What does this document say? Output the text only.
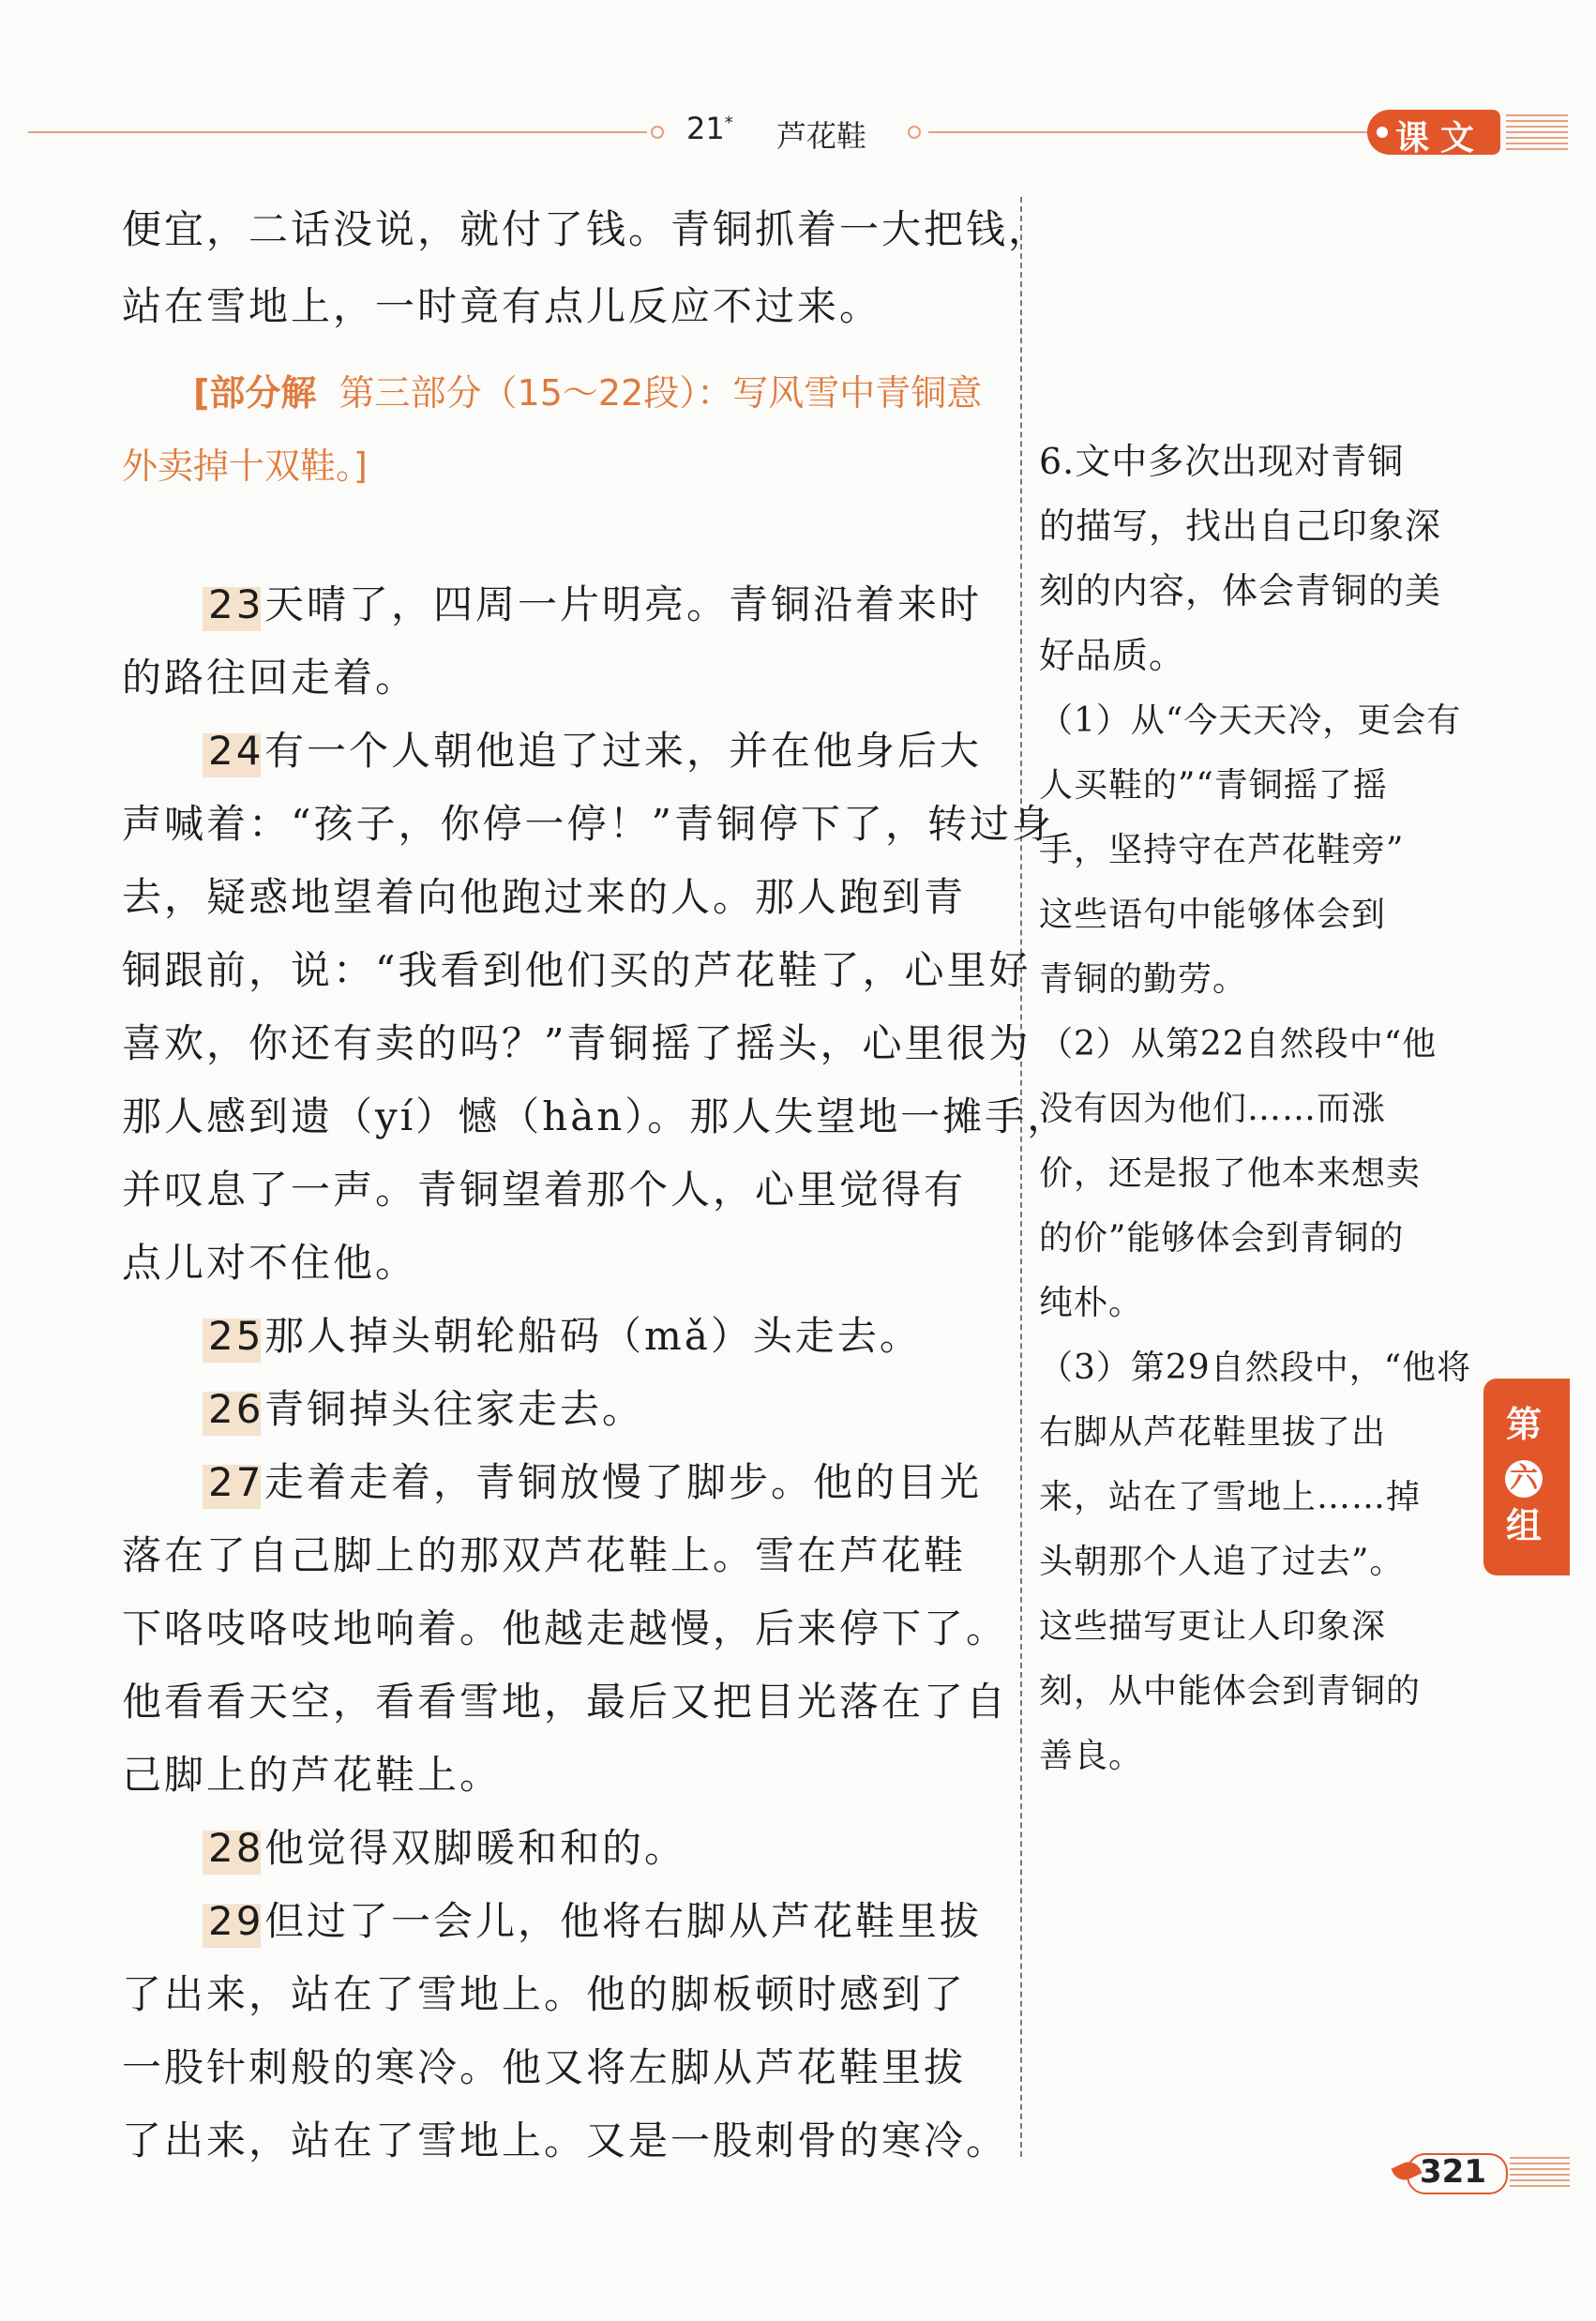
21* 芦花鞋	课文
便宜，二话没说，就付了钱。青铜抓着一大把钱，
站在雪地上，一时竟有点儿反应不过来。
[部分解 第三部分（15～22段）：写风雪中青铜意
外卖掉十双鞋。]
23天晴了，四周一片明亮。青铜沿着来时
的路往回走着。
24有一个人朝他追了过来，并在他身后大
声喊着：“孩子，你停一停！”青铜停下了，转过身
去，疑惑地望着向他跑过来的人。那人跑到青
铜跟前，说：“我看到他们买的芦花鞋了，心里好
喜欢，你还有卖的吗？”青铜摇了摇头，心里很为
那人感到遗（yí）憾（hàn）。那人失望地一摊手，
并叹息了一声。青铜望着那个人，心里觉得有
点儿对不住他。
25那人掉头朝轮船码（mǎ）头走去。
26青铜掉头往家走去。
27走着走着，青铜放慢了脚步。他的目光
落在了自己脚上的那双芦花鞋上。雪在芦花鞋
下咯吱咯吱地响着。他越走越慢，后来停下了。
他看看天空，看看雪地，最后又把目光落在了自
己脚上的芦花鞋上。
28他觉得双脚暖和和的。
29但过了一会儿，他将右脚从芦花鞋里拔
了出来，站在了雪地上。他的脚板顿时感到了
一股针刺般的寒冷。他又将左脚从芦花鞋里拔
了出来，站在了雪地上。又是一股刺骨的寒冷。
6.文中多次出现对青铜
的描写，找出自己印象深
刻的内容，体会青铜的美
好品质。
（1）从“今天天冷，更会有
人买鞋的”“青铜摇了摇
手，坚持守在芦花鞋旁”
这些语句中能够体会到
青铜的勤劳。
（2）从第22自然段中“他
没有因为他们……而涨
价，还是报了他本来想卖
的价”能够体会到青铜的
纯朴。
（3）第29自然段中，“他将
右脚从芦花鞋里拔了出
来，站在了雪地上……掉
头朝那个人追了过去”。
这些描写更让人印象深
刻，从中能体会到青铜的
善良。
第
六
组
321
